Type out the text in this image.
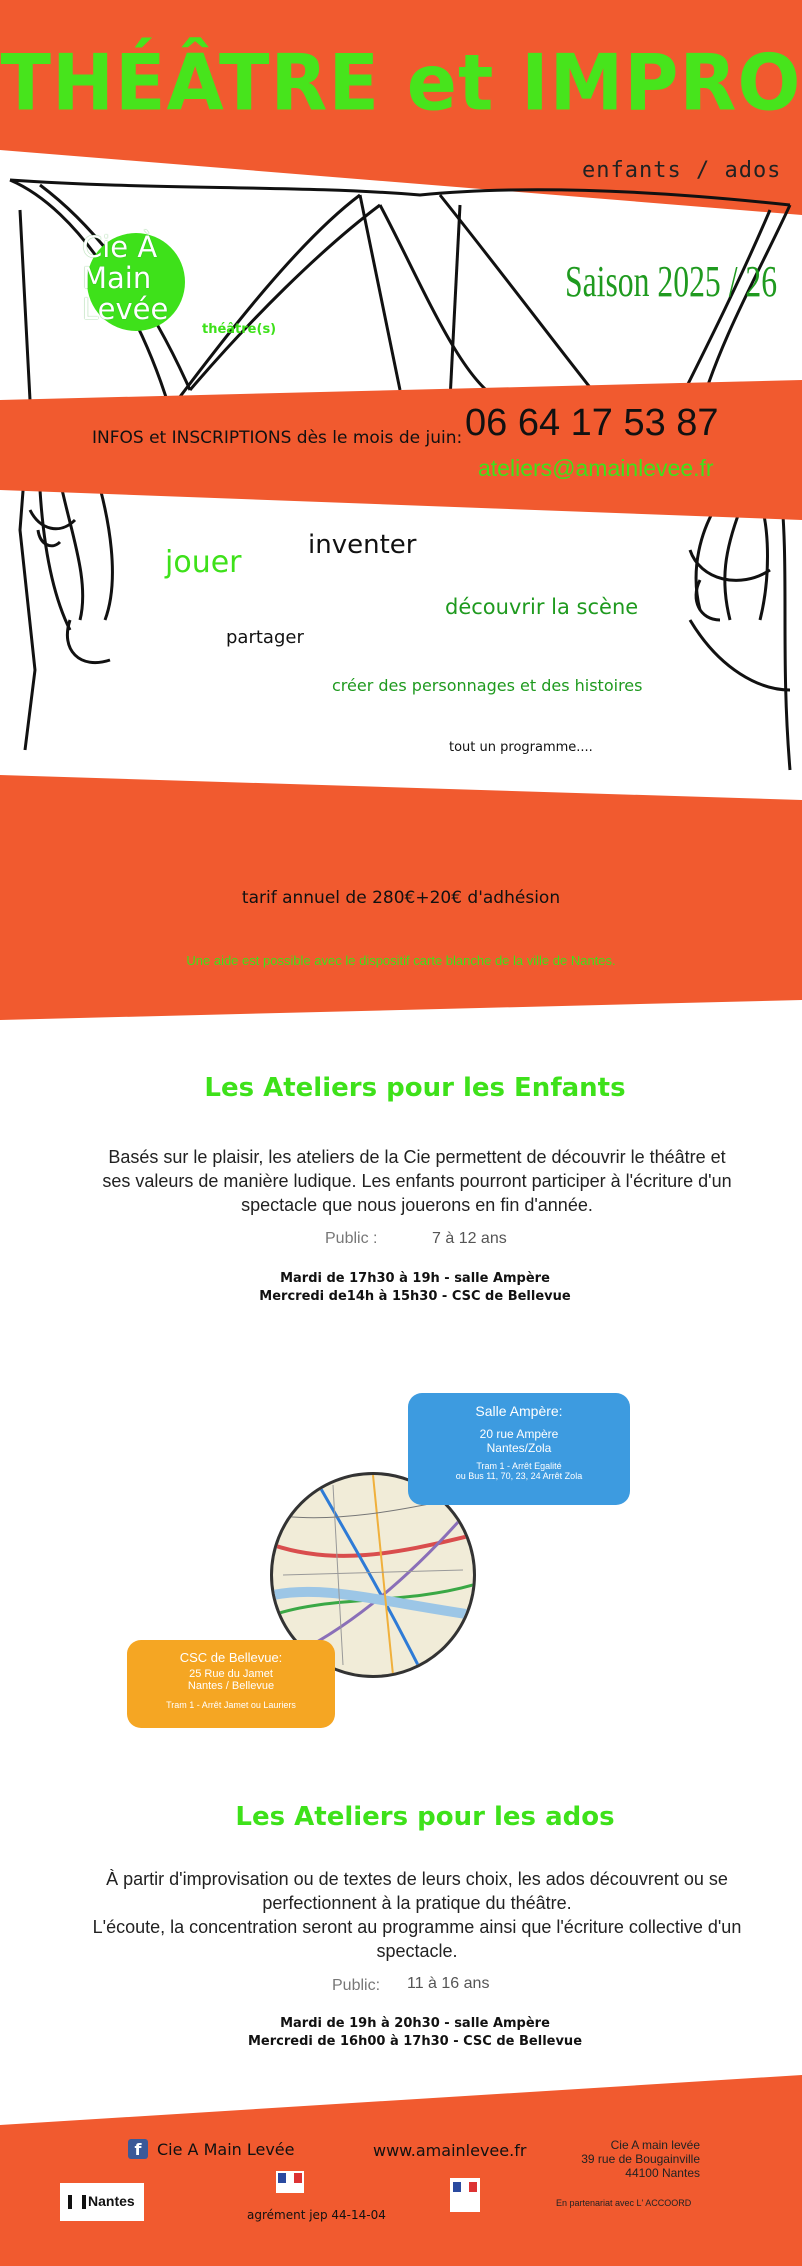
THÉÂTRE et IMPRO
enfants / ados
Cie À Main Levée
théâtre(s)
Saison 2025 / 26
INFOS et INSCRIPTIONS dès le mois de juin: 06 64 17 53 87
ateliers@amainlevee.fr
jouer	inventer
découvrir la scène
partager
créer des personnages et des histoires
tout un programme....
tarif annuel de 280€+20€ d'adhésion
Une aide est possible avec le dispositif carte blanche de la ville de Nantes.
Les Ateliers pour les Enfants
Basés sur le plaisir, les ateliers de la Cie permettent de découvrir le théâtre et ses valeurs de manière ludique. Les enfants pourront participer à l'écriture d'un spectacle que nous jouerons en fin d'année.
Public :	7 à 12 ans
Mardi de 17h30 à 19h - salle Ampère
Mercredi de14h à 15h30 - CSC de Bellevue
Salle Ampère:
20 rue Ampère
Nantes/Zola
Tram 1 - Arrêt Egalité
ou Bus 11, 70, 23, 24 Arrêt Zola
CSC de Bellevue:
25 Rue du Jamet
Nantes / Bellevue
Tram 1 - Arrêt Jamet ou Lauriers
Les Ateliers pour les ados
À partir d'improvisation ou de textes de leurs choix, les ados découvrent ou se perfectionnent à la pratique du théâtre.
L'écoute, la concentration seront au programme ainsi que l'écriture collective d'un spectacle.
Public: 11 à 16 ans
Mardi de 19h à 20h30 - salle Ampère
Mercredi de 16h00 à 17h30 - CSC de Bellevue
f Cie A Main Levée	www.amainlevee.fr	Cie A main levée
39 rue de Bougainville
44100 Nantes
En partenariat avec L' ACCOORD
Nantes
agrément jep 44-14-04
